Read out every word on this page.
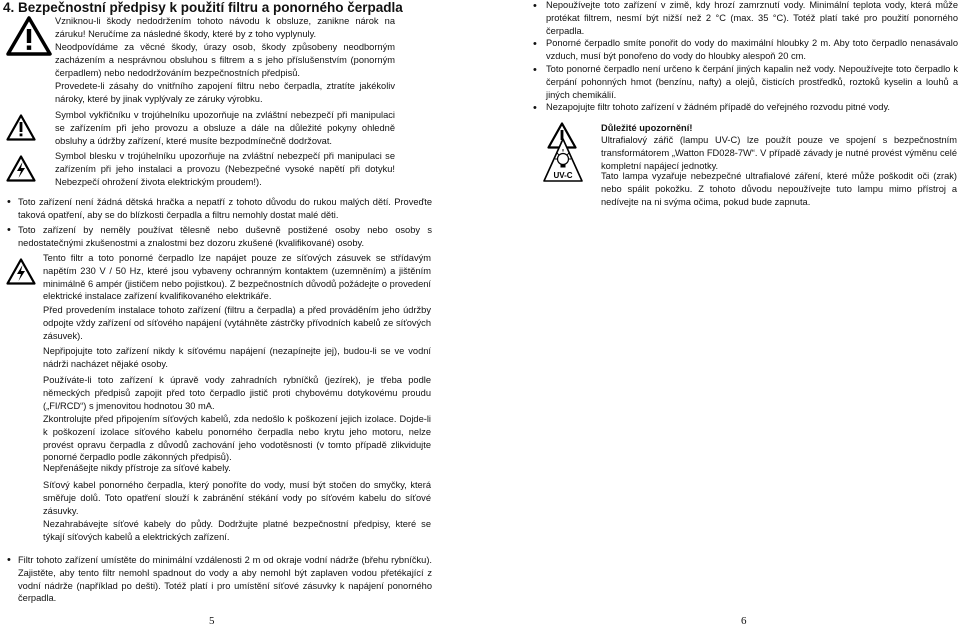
4. Bezpečnostní předpisy k použití filtru a ponorného čerpadla

Vzniknou-li škody nedodržením tohoto návodu k obsluze, zaniknе nárok na záruku! Neručíme za následné škody, které by z toho vyplynuly.

Neodpovídáme za věcné škody, úrazy osob, škody způsobeny neodborným zacházením a nesprávnou obsluhou s filtrem a s jeho příslušenstvím (ponorným čerpadlem) nebo nedodržováním bezpečnostních předpisů.

Provedete-li zásahy do vnitřního zapojení filtru nebo čerpadla, ztratíte jakékoliv nároky, které by jinak vyplývaly ze záruky výrobku.

Symbol vykřičníku v trojúhelníku upozorňuje na zvláštní nebezpečí při manipulaci se zařízením při jeho provozu a obsluze a dále na důležité pokyny ohledně obsluhy a údržby zařízení, které musíte bezpodmínečně dodržovat.

Symbol blesku v trojúhelníku upozorňuje na zvláštní nebezpečí při manipulaci se zařízením při jeho instalaci a provozu (Nebezpečné vysoké napětí při dotyku! Nebezpečí ohrožení života elektrickým proudem!).

• Toto zařízení není žádná dětská hračka a nepatří z tohoto důvodu do rukou malých dětí. Proveďte taková opatření, aby se do blízkosti čerpadla a filtru nemohly dostat malé děti.

• Toto zařízení by neměly používat tělesně nebo duševně postižené osoby nebo osoby s nedostatečnými zkušenostmi a znalostmi bez dozoru zkušené (kvalifikované) osoby.

Tento filtr a toto ponorné čerpadlo lze napájet pouze ze síťových zásuvek se střídavým napětím 230 V / 50 Hz, které jsou vybaveny ochranným kontaktem (uzemněním) a jištěním minimálně 6 ampér (jističem nebo pojistkou). Z bezpečnostních důvodů požádejte o provedení elektrické instalace zařízení kvalifikovaného elektrikáře.

Před provedením instalace tohoto zařízení (filtru a čerpadla) a před prováděním jeho údržby odpojte vždy zařízení od síťového napájení (vytáhněte zástrčky přívodních kabelů ze síťových zásuvek).

Nepřipojujte toto zařízení nikdy k síťovému napájení (nezapínejte jej), budou-li se ve vodní nádrži nacházet nějaké osoby.

Používáte-li toto zařízení k úpravě vody zahradních rybníčků (jezírek), je třeba podle německých předpisů zapojit před toto čerpadlo jistič proti chybovému dotykovému proudu („FI/RCD“) s jmenovitou hodnotou 30 mA.

Zkontrolujte před připojením síťových kabelů, zda nedošlo k poškození jejich izolace. Dojde-li k poškození izolace síťového kabelu ponorného čerpadla nebo krytu jeho motoru, nelze provést opravu čerpadla z důvodů zachování jeho vodotěsnosti (v tomto případě zlikvidujte ponorné čerpadlo podle zákonných předpisů).

Nepřenášejte nikdy přístroje za síťové kabely.

Síťový kabel ponorného čerpadla, který ponoříte do vody, musí být stočen do smyčky, která směřuje dolů. Toto opatření slouží k zabránění stékání vody po síťovém kabelu do síťové zásuvky.

Nezahrabávejte síťové kabely do půdy. Dodržujte platné bezpečnostní předpisy, které se týkají síťových kabelů a elektrických zařízení.

• Filtr tohoto zařízení umístěte do minimální vzdálenosti 2 m od okraje vodní nádrže (břehu rybníčku). Zajistěte, aby tento filtr nemohl spadnout do vody a aby nemohl být zaplaven vodou přetékající z vodní nádrže (například po dešti). Totéž platí i pro umístění síťové zásuvky k napájení ponorného čerpadla.

5
• Nepoužívejte toto zařízení v zimě, kdy hrozí zamrznutí vody. Minimální teplota vody, která může protékat filtrem, nesmí být nižší než 2 °C (max. 35 °C). Totéž platí také pro použití ponorného čerpadla.

• Ponorné čerpadlo smíte ponořit do vody do maximální hloubky 2 m. Aby toto čerpadlo nenasávalo vzduch, musí být ponořeno do vody do hloubky alespoň 20 cm.

• Toto ponorné čerpadlo není určeno k čerpání jiných kapalin než vody. Nepoužívejte toto čerpadlo k čerpání pohonných hmot (benzínu, nafty) a olejů, čisticích prostředků, roztoků kyselin a louhů a jiných chemikálií.

• Nezapojujte filtr tohoto zařízení v žádném případě do veřejného rozvodu pitné vody.

Důležité upozornění!

Ultrafialový zářič (lampu UV-C) lze použít pouze ve spojení s bezpečnostním transformátorem „Watton FD028-7W“. V případě závady je nutné provést výměnu celé kompletní napájecí jednotky.

UV-C	Tato lampa vyzařuje nebezpečné ultrafialové záření, které může poškodit oči (zrak) nebo spálit pokožku. Z tohoto důvodu nepoužívejte tuto lampu mimo přístroj a nedívejte na ni svýma očima, pokud bude zapnuta.

6
